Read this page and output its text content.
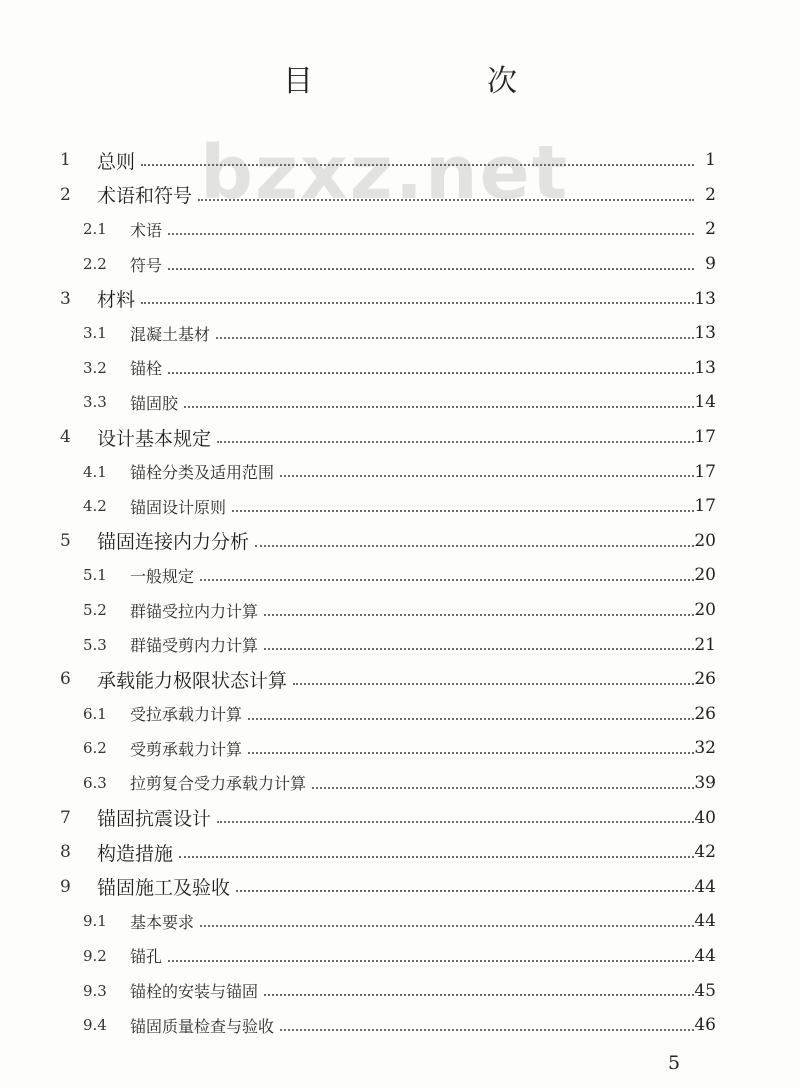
目　次
bzxz.net
1 总则	1
2 术语和符号	2
2.1 术语	2
2.2 符号	9
3 材料	13
3.1 混凝土基材	13
3.2 锚栓	13
3.3 锚固胶	14
4 设计基本规定	17
4.1 锚栓分类及适用范围	17
4.2 锚固设计原则	17
5 锚固连接内力分析	20
5.1 一般规定	20
5.2 群锚受拉内力计算	20
5.3 群锚受剪内力计算	21
6 承载能力极限状态计算	26
6.1 受拉承载力计算	26
6.2 受剪承载力计算	32
6.3 拉剪复合受力承载力计算	39
7 锚固抗震设计	40
8 构造措施	42
9 锚固施工及验收	44
9.1 基本要求	44
9.2 锚孔	44
9.3 锚栓的安装与锚固	45
9.4 锚固质量检查与验收	46
5
